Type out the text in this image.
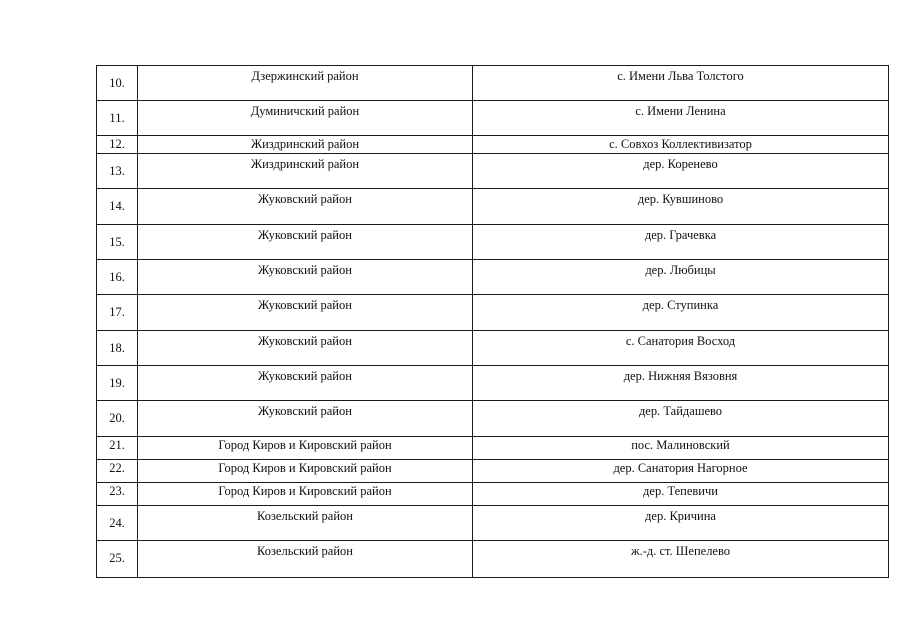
10.	Дзержинский район	с. Имени Льва Толстого

11.	Думиничский район	с. Имени Ленина

12.	Жиздринский район	с. Совхоз Коллективизатор

13.	Жиздринский район	дер. Коренево

14.	Жуковский район	дер. Кувшиново

15.	Жуковский район	дер. Грачевка

16.	Жуковский район	дер. Любицы

17.	Жуковский район	дер. Ступинка

18.	Жуковский район	с. Санатория Восход

19.	Жуковский район	дер. Нижняя Вязовня

20.	Жуковский район	дер. Тайдашево

21.	Город Киров и Кировский район	пос. Малиновский

22.	Город Киров и Кировский район	дер. Санатория Нагорное

23.	Город Киров и Кировский район	дер. Тепевичи

24.	Козельский район	дер. Кричина

25.	Козельский район	ж.-д. ст. Шепелево
